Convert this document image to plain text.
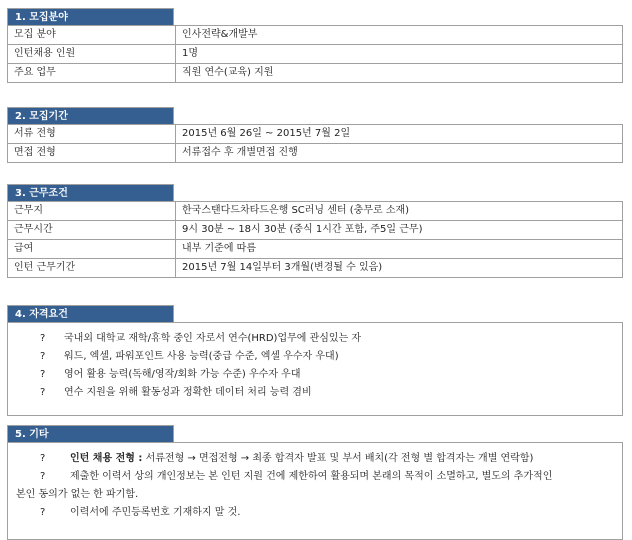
1. 모집분야
모집 분야	인사전략&개발부
인턴채용 인원	1명
주요 업무	직원 연수(교육) 지원
2. 모집기간
서류 전형	2015년 6월 26일 ~ 2015년 7월 2일
면접 전형	서류접수 후 개별면접 진행
3. 근무조건
근무지	한국스탠다드차타드은행 SC러닝 센터 (충무로 소재)
근무시간	9시 30분 ~ 18시 30분 (중식 1시간 포함, 주5일 근무)
급여	내부 기준에 따름
인턴 근무기간	2015년 7월 14일부터 3개월(변경될 수 있음)
4. 자격요건
? 국내외 대학교 재학/휴학 중인 자로서 연수(HRD)업무에 관심있는 자
? 워드, 엑셀, 파워포인트 사용 능력(중급 수준, 엑셀 우수자 우대)
? 영어 활용 능력(독해/영작/회화 가능 수준) 우수자 우대
? 연수 지원을 위해 활동성과 정확한 데이터 처리 능력 겸비
5. 기타
? 인턴 채용 전형 : 서류전형 → 면접전형 → 최종 합격자 발표 및 부서 배치(각 전형 별 합격자는 개별 연락함)
? 제출한 이력서 상의 개인정보는 본 인턴 지원 건에 제한하여 활용되며 본래의 목적이 소멸하고, 별도의 추가적인
본인 동의가 없는 한 파기함.
? 이력서에 주민등록번호 기재하지 말 것.
